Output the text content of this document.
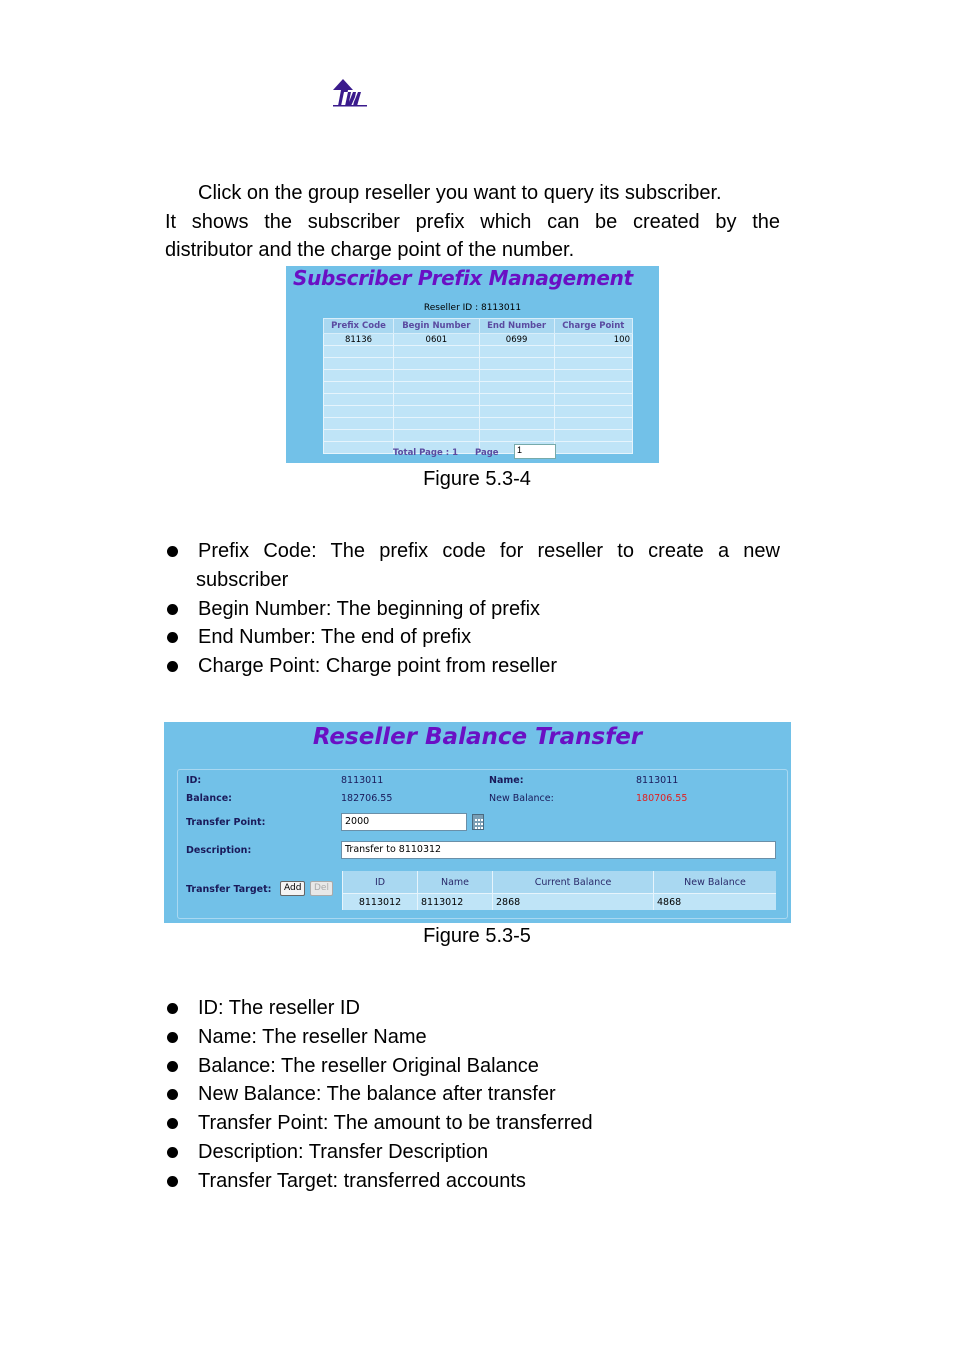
Click on the group reseller you want to query its subscriber.
It shows the subscriber prefix which can be created by the
distributor and the charge point of the number.
Subscriber Prefix Management
Reseller ID : 8113011
Prefix Code	Begin Number	End Number	Charge Point
81136	0601	0699	100

Total Page : 1 Page	1
Figure 5.3-4
Prefix Code: The prefix code for reseller to create a new
subscriber
Begin Number: The beginning of prefix
End Number: The end of prefix
Charge Point: Charge point from reseller
Reseller Balance Transfer
ID:	8113011	Name:	8113011
Balance:	182706.55	New Balance:	180706.55
Transfer Point:	2000
Description:	Transfer to 8110312
Transfer Target:	Add	Del
ID	Name	Current Balance	New Balance
8113012	8113012	2868	4868
Figure 5.3-5
ID: The reseller ID
Name: The reseller Name
Balance: The reseller Original Balance
New Balance: The balance after transfer
Transfer Point: The amount to be transferred
Description: Transfer Description
Transfer Target: transferred accounts
